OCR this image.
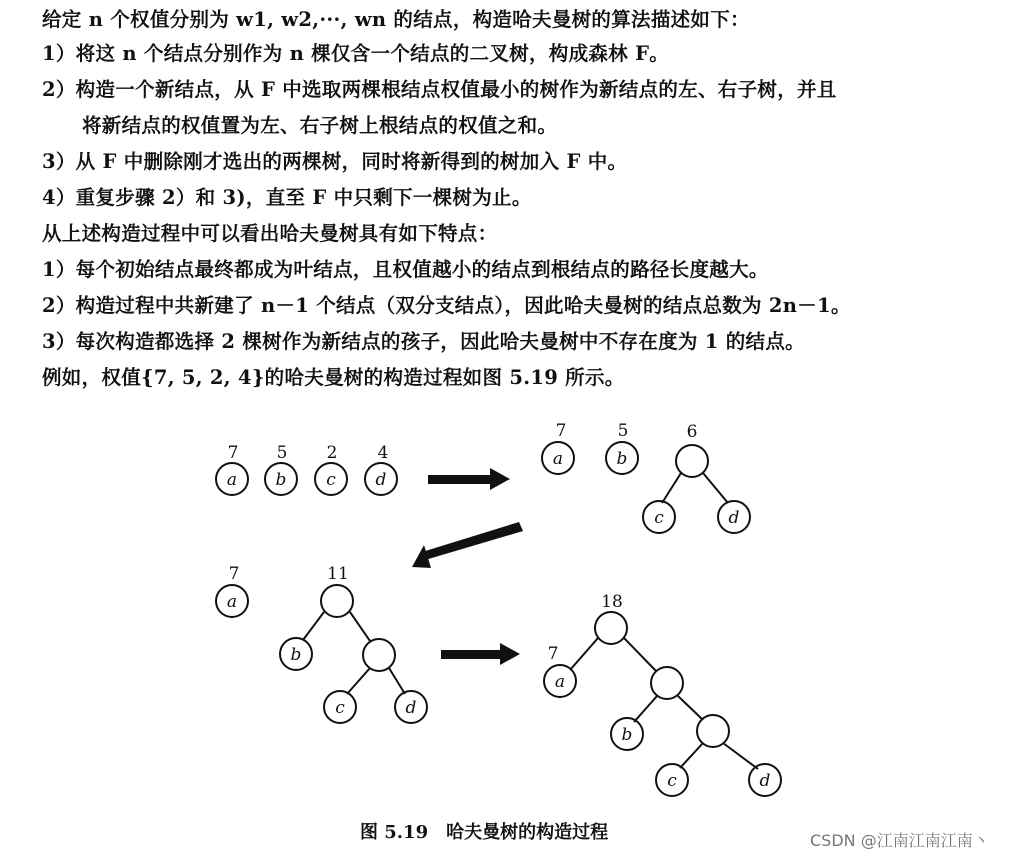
给定 n 个权值分别为 w1, w2,···, wn 的结点，构造哈夫曼树的算法描述如下：
1）将这 n 个结点分别作为 n 棵仅含一个结点的二叉树，构成森林 F。
2）构造一个新结点，从 F 中选取两棵根结点权值最小的树作为新结点的左、右子树，并且
将新结点的权值置为左、右子树上根结点的权值之和。
3）从 F 中删除刚才选出的两棵树，同时将新得到的树加入 F 中。
4）重复步骤 2）和 3)，直至 F 中只剩下一棵树为止。
从上述构造过程中可以看出哈夫曼树具有如下特点：
1）每个初始结点最终都成为叶结点，且权值越小的结点到根结点的路径长度越大。
2）构造过程中共新建了 n－1 个结点（双分支结点），因此哈夫曼树的结点总数为 2n－1。
3）每次构造都选择 2 棵树作为新结点的孩子，因此哈夫曼树中不存在度为 1 的结点。
例如，权值{7, 5, 2, 4}的哈夫曼树的构造过程如图 5.19 所示。
7 5 2 4
a b c d
7	5	6
a	b
c	d
7	11
a
b
c	d
18
7
a
b
c	d
图 5.19　哈夫曼树的构造过程	CSDN @江南江南江南丶
